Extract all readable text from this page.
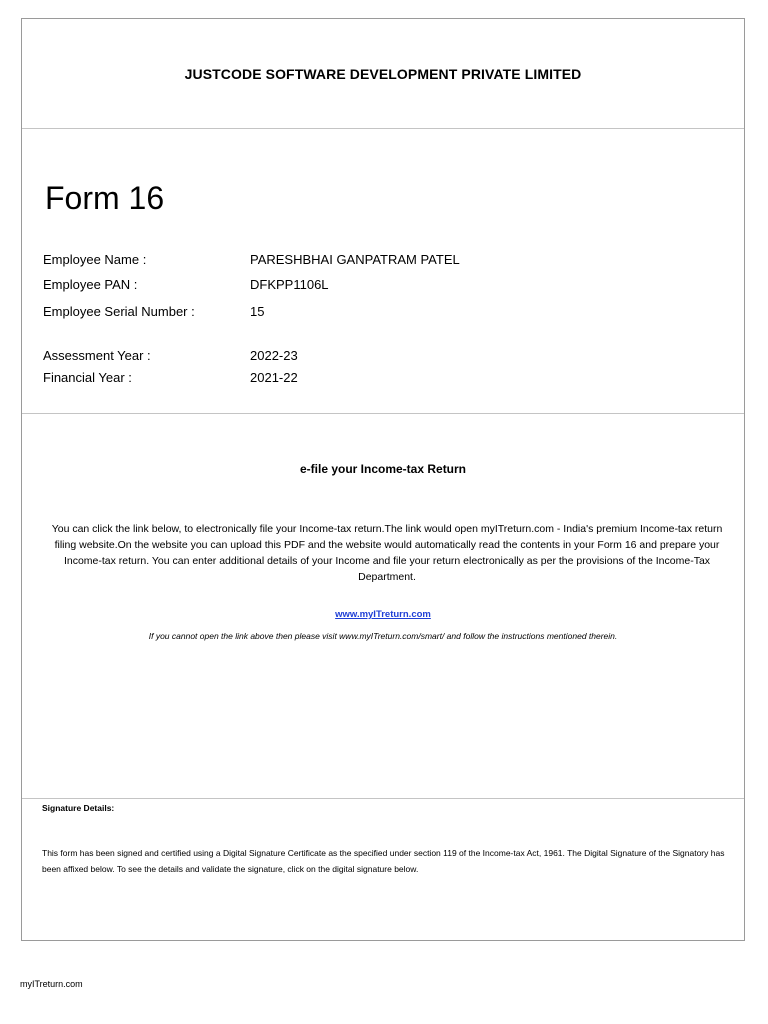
JUSTCODE SOFTWARE DEVELOPMENT PRIVATE LIMITED
Form 16
Employee Name :	PARESHBHAI GANPATRAM PATEL
Employee PAN :	DFKPP1106L
Employee Serial Number :	15
Assessment Year :	2022-23
Financial Year :	2021-22
e-file your Income-tax Return
You can click the link below, to electronically file your Income-tax return.The link would open myITreturn.com - India's premium Income-tax return filing website.On the website you can upload this PDF and the website would automatically read the contents in your Form 16 and prepare your Income-tax return. You can enter additional details of your Income and file your return electronically as per the provisions of the Income-Tax Department.
www.myITreturn.com
If you cannot open the link above then please visit www.myITreturn.com/smart/ and follow the instructions mentioned therein.
Signature Details:
This form has been signed and certified using a Digital Signature Certificate as the specified under section 119 of the Income-tax Act, 1961. The Digital Signature of the Signatory has been affixed below. To see the details and validate the signature, click on the digital signature below.
myITreturn.com
